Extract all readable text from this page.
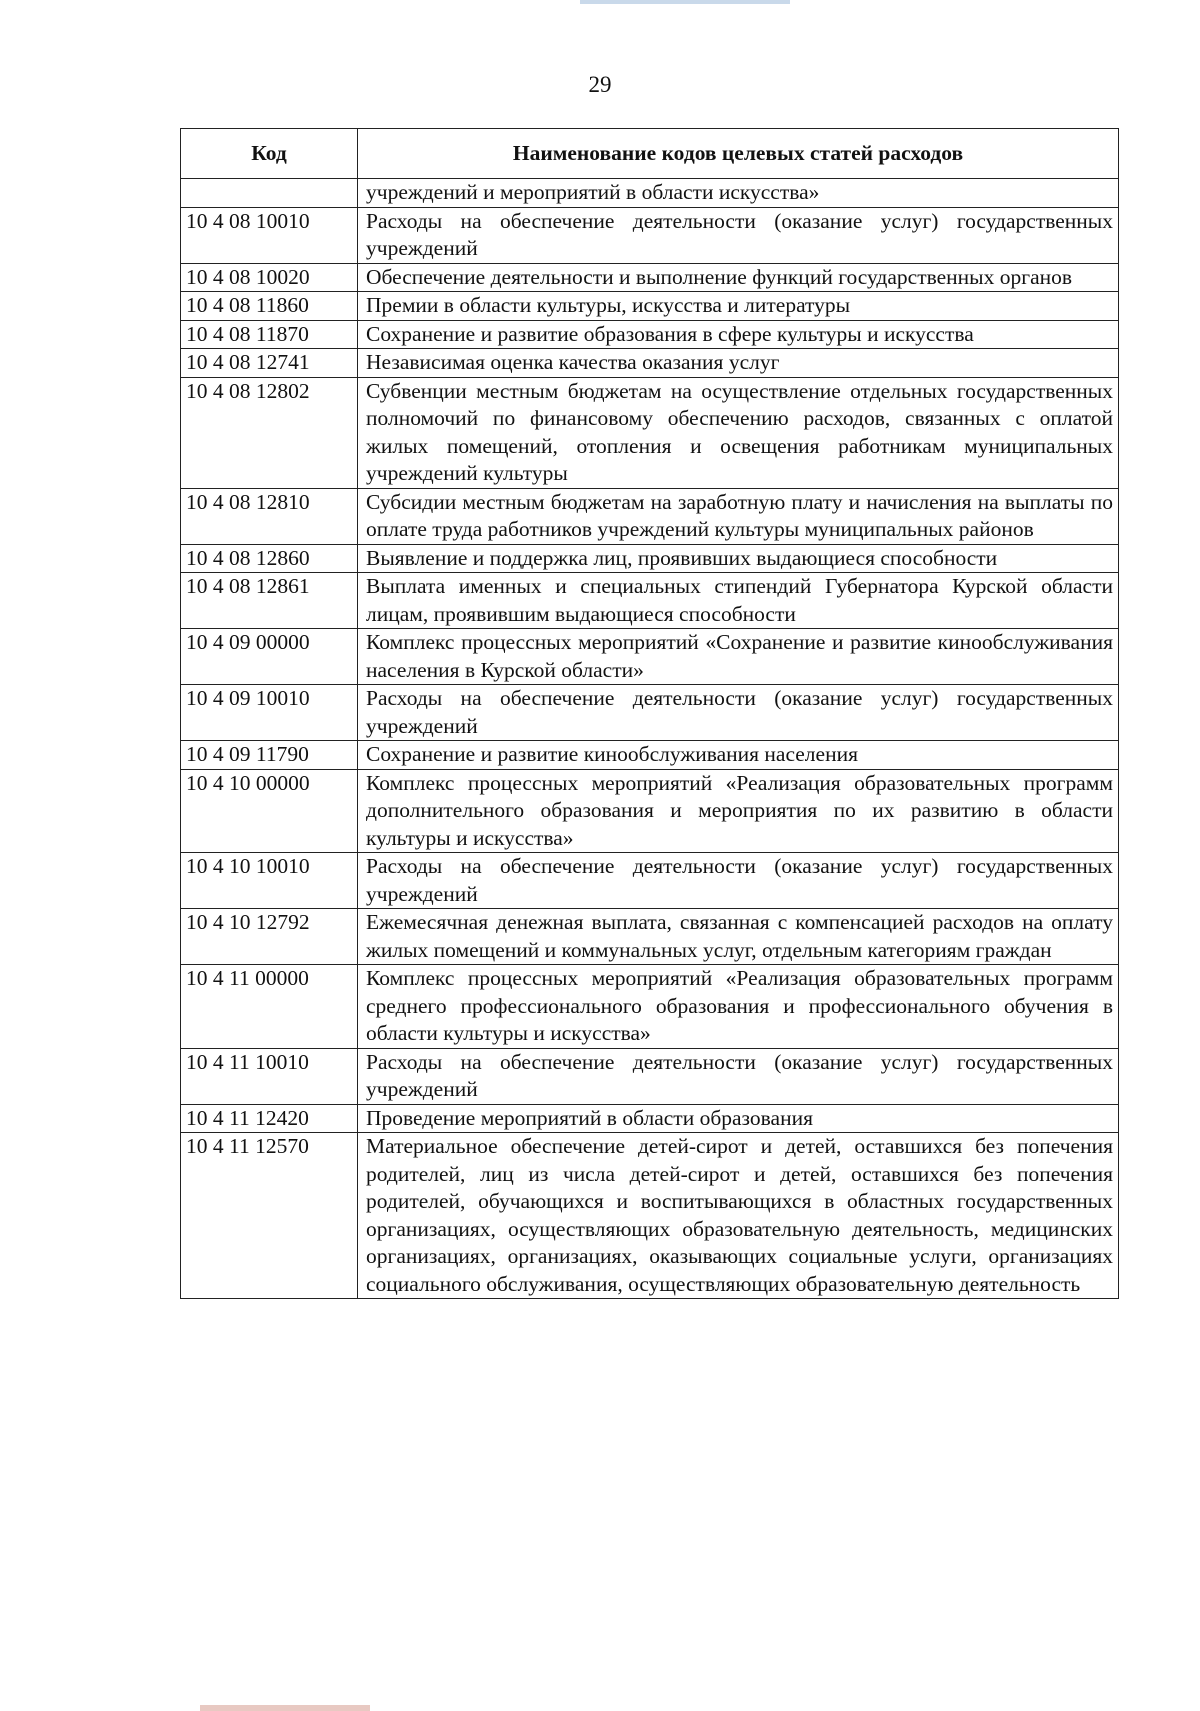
29
Код	Наименование кодов целевых статей расходов
	учреждений и мероприятий в области искусства»
10 4 08 10010	Расходы на обеспечение деятельности (оказание услуг) государственных учреждений
10 4 08 10020	Обеспечение деятельности и выполнение функций государственных органов
10 4 08 11860	Премии в области культуры, искусства и литературы
10 4 08 11870	Сохранение и развитие образования в сфере культуры и искусства
10 4 08 12741	Независимая оценка качества оказания услуг
10 4 08 12802	Субвенции местным бюджетам на осуществление отдельных государственных полномочий по финансовому обеспечению расходов, связанных с оплатой жилых помещений, отопления и освещения работникам муниципальных учреждений культуры
10 4 08 12810	Субсидии местным бюджетам на заработную плату и начисления на выплаты по оплате труда работников учреждений культуры муниципальных районов
10 4 08 12860	Выявление и поддержка лиц, проявивших выдающиеся способности
10 4 08 12861	Выплата именных и специальных стипендий Губернатора Курской области лицам, проявившим выдающиеся способности
10 4 09 00000	Комплекс процессных мероприятий «Сохранение и развитие кинообслуживания населения в Курской области»
10 4 09 10010	Расходы на обеспечение деятельности (оказание услуг) государственных учреждений
10 4 09 11790	Сохранение и развитие кинообслуживания населения
10 4 10 00000	Комплекс процессных мероприятий «Реализация образовательных программ дополнительного образования и мероприятия по их развитию в области культуры и искусства»
10 4 10 10010	Расходы на обеспечение деятельности (оказание услуг) государственных учреждений
10 4 10 12792	Ежемесячная денежная выплата, связанная с компенсацией расходов на оплату жилых помещений и коммунальных услуг, отдельным категориям граждан
10 4 11 00000	Комплекс процессных мероприятий «Реализация образовательных программ среднего профессионального образования и профессионального обучения в области культуры и искусства»
10 4 11 10010	Расходы на обеспечение деятельности (оказание услуг) государственных учреждений
10 4 11 12420	Проведение мероприятий в области образования
10 4 11 12570	Материальное обеспечение детей-сирот и детей, оставшихся без попечения родителей, лиц из числа детей-сирот и детей, оставшихся без попечения родителей, обучающихся и воспитывающихся в областных государственных организациях, осуществляющих образовательную деятельность, медицинских организациях, организациях, оказывающих социальные услуги, организациях социального обслуживания, осуществляющих образовательную деятельность
